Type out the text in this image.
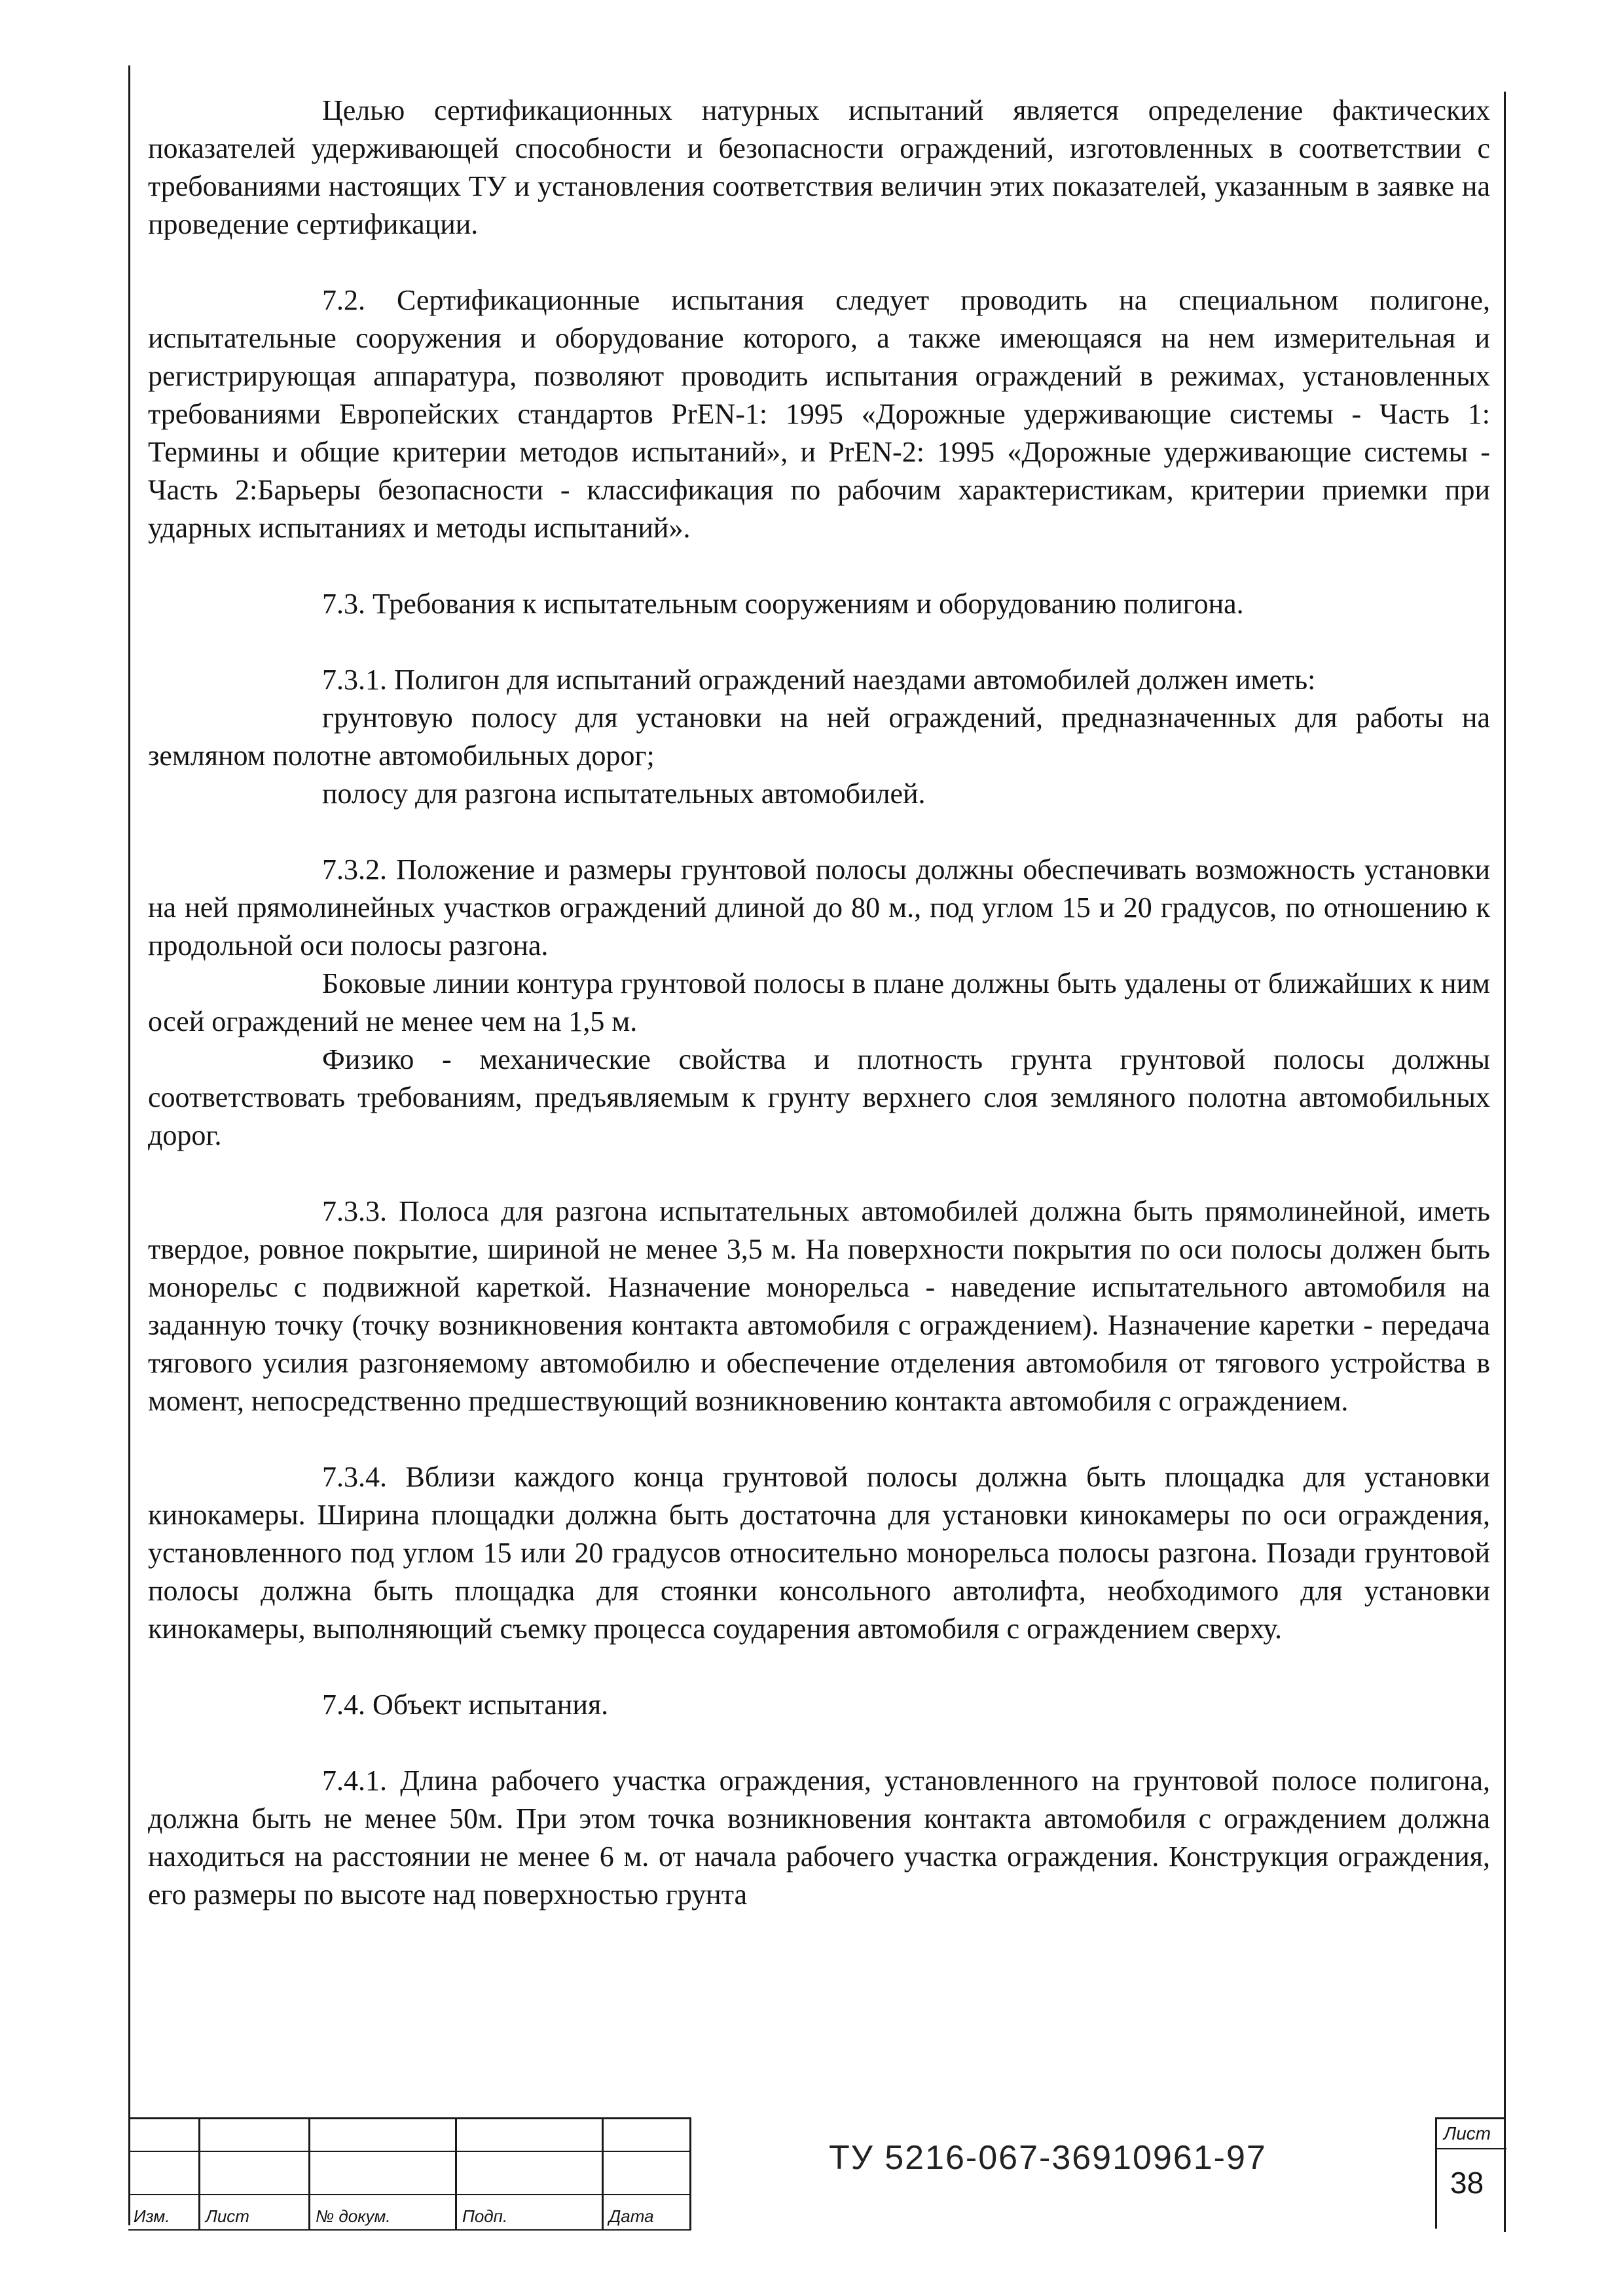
Целью сертификационных натурных испытаний является определение фактических показателей удерживающей способности и безопасности ограждений, изготовленных в соответствии с требованиями настоящих ТУ и установления соответствия величин этих показателей, указанным в заявке на проведение сертификации.

7.2. Сертификационные испытания следует проводить на специальном полигоне, испытательные сооружения и оборудование которого, а также имеющаяся на нем измерительная и регистрирующая аппаратура, позволяют проводить испытания ограждений в режимах, установленных требованиями Европейских стандартов PrEN-1: 1995 «Дорожные удерживающие системы - Часть 1: Термины и общие критерии методов испытаний», и PrEN-2: 1995 «Дорожные удерживающие системы - Часть 2:Барьеры безопасности - классификация по рабочим характеристикам, критерии приемки при ударных испытаниях и методы испытаний».

7.3. Требования к испытательным сооружениям и оборудованию полигона.

7.3.1. Полигон для испытаний ограждений наездами автомобилей должен иметь:

грунтовую полосу для установки на ней ограждений, предназначенных для работы на земляном полотне автомобильных дорог;

полосу для разгона испытательных автомобилей.

7.3.2. Положение и размеры грунтовой полосы должны обеспечивать возможность установки на ней прямолинейных участков ограждений длиной до 80 м., под углом 15 и 20 градусов, по отношению к продольной оси полосы разгона.

Боковые линии контура грунтовой полосы в плане должны быть удалены от ближайших к ним осей ограждений не менее чем на 1,5 м.

Физико - механические свойства и плотность грунта грунтовой полосы должны соответствовать требованиям, предъявляемым к грунту верхнего слоя земляного полотна автомобильных дорог.

7.3.3. Полоса для разгона испытательных автомобилей должна быть прямолинейной, иметь твердое, ровное покрытие, шириной не менее 3,5 м. На поверхности покрытия по оси полосы должен быть монорельс с подвижной кареткой. Назначение монорельса - наведение испытательного автомобиля на заданную точку (точку возникновения контакта автомобиля с ограждением). Назначение каретки - передача тягового усилия разгоняемому автомобилю и обеспечение отделения автомобиля от тягового устройства в момент, непосредственно предшествующий возникновению контакта автомобиля с ограждением.

7.3.4. Вблизи каждого конца грунтовой полосы должна быть площадка для установки кинокамеры. Ширина площадки должна быть достаточна для установки кинокамеры по оси ограждения, установленного под углом 15 или 20 градусов относительно монорельса полосы разгона. Позади грунтовой полосы должна быть площадка для стоянки консольного автолифта, необходимого для установки кинокамеры, выполняющий съемку процесса соударения автомобиля с ограждением сверху.

7.4. Объект испытания.

7.4.1. Длина рабочего участка ограждения, установленного на грунтовой полосе полигона, должна быть не менее 50м. При этом точка возникновения контакта автомобиля с ограждением должна находиться на расстоянии не менее 6 м. от начала рабочего участка ограждения. Конструкция ограждения, его размеры по высоте над поверхностью грунта

Изм. Лист	№ докум.	Подп.	Дата
ТУ 5216-067-36910961-97
Лист
38
